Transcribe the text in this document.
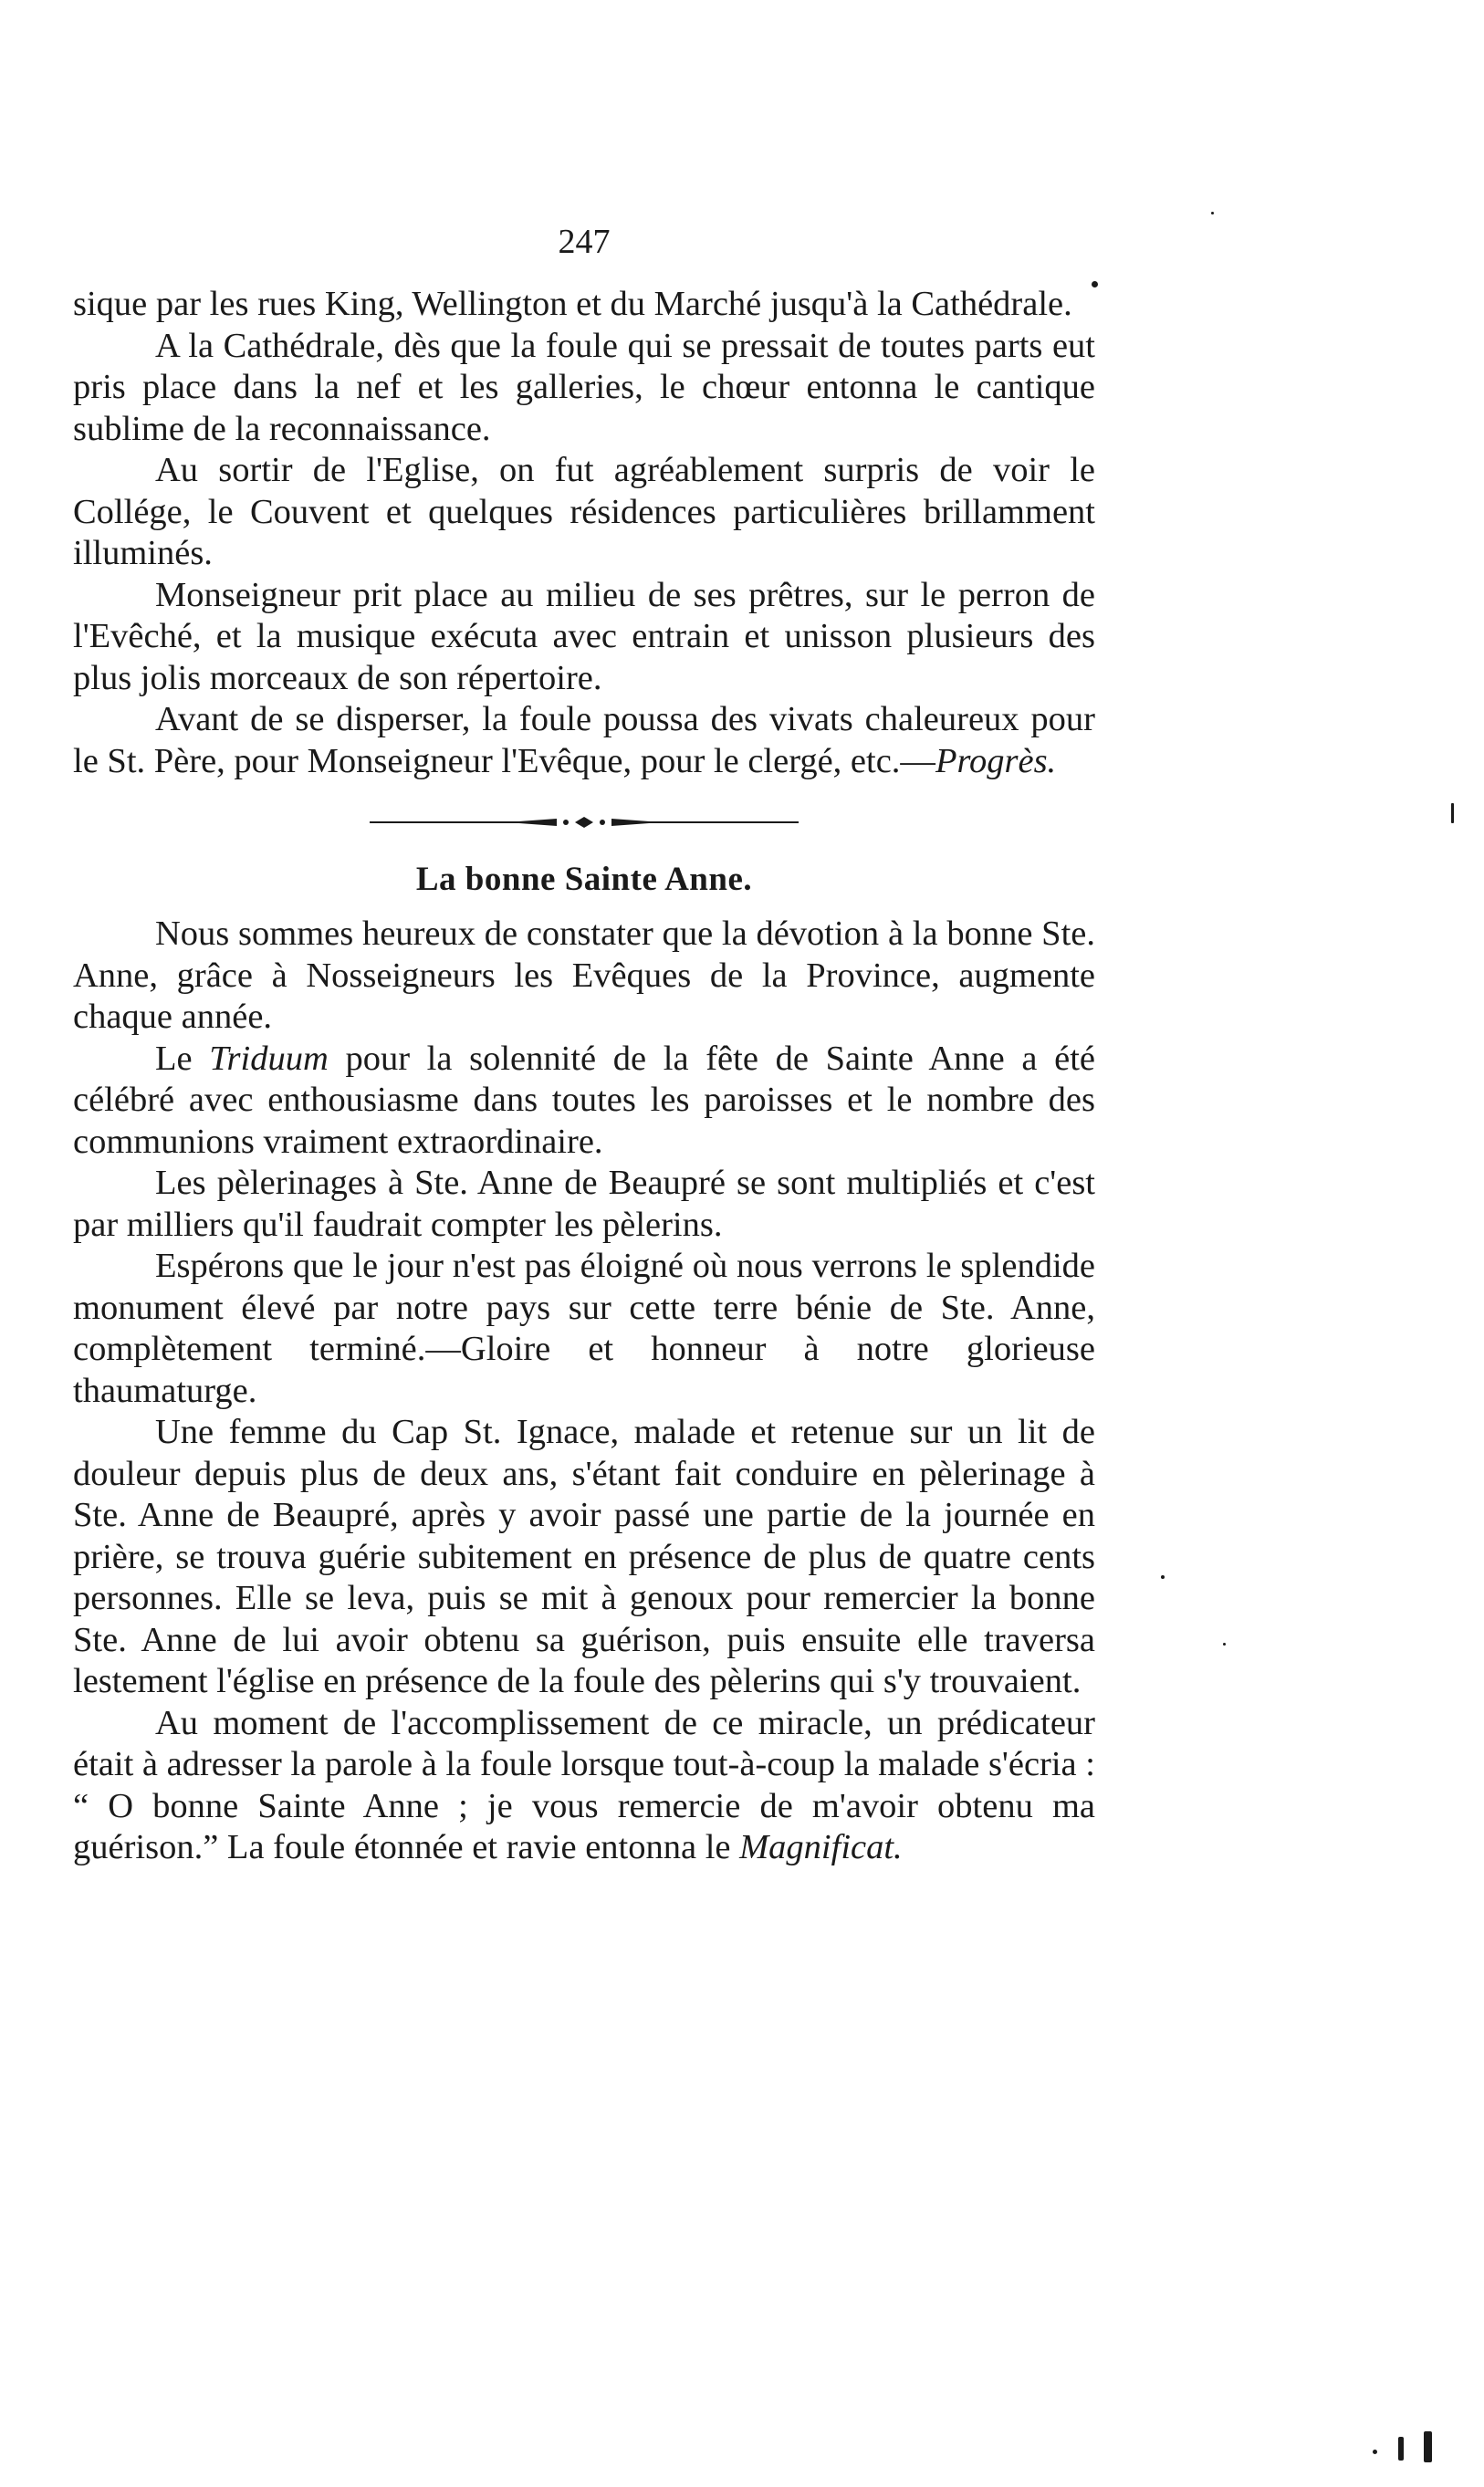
247

sique par les rues King, Wellington et du Marché jusqu'à la Cathédrale.

A la Cathédrale, dès que la foule qui se pressait de toutes parts eut pris place dans la nef et les galleries, le chœur entonna le cantique sublime de la reconnaissance.

Au sortir de l'Eglise, on fut agréablement surpris de voir le Collége, le Couvent et quelques résidences particulières brillamment illuminés.

Monseigneur prit place au milieu de ses prêtres, sur le perron de l'Evêché, et la musique exécuta avec entrain et unisson plusieurs des plus jolis morceaux de son répertoire.

Avant de se disperser, la foule poussa des vivats chaleureux pour le St. Père, pour Monseigneur l'Evêque, pour le clergé, etc.—Progrès.

La bonne Sainte Anne.

Nous sommes heureux de constater que la dévotion à la bonne Ste. Anne, grâce à Nosseigneurs les Evêques de la Province, augmente chaque année.

Le Triduum pour la solennité de la fête de Sainte Anne a été célébré avec enthousiasme dans toutes les paroisses et le nombre des communions vraiment extraordinaire.

Les pèlerinages à Ste. Anne de Beaupré se sont multipliés et c'est par milliers qu'il faudrait compter les pèlerins.

Espérons que le jour n'est pas éloigné où nous verrons le splendide monument élevé par notre pays sur cette terre bénie de Ste. Anne, complètement terminé.—Gloire et honneur à notre glorieuse thaumaturge.

Une femme du Cap St. Ignace, malade et retenue sur un lit de douleur depuis plus de deux ans, s'étant fait conduire en pèlerinage à Ste. Anne de Beaupré, après y avoir passé une partie de la journée en prière, se trouva guérie subitement en présence de plus de quatre cents personnes. Elle se leva, puis se mit à genoux pour remercier la bonne Ste. Anne de lui avoir obtenu sa guérison, puis ensuite elle traversa lestement l'église en présence de la foule des pèlerins qui s'y trouvaient.

Au moment de l'accomplissement de ce miracle, un prédicateur était à adresser la parole à la foule lorsque tout-à-coup la malade s'écria : “ O bonne Sainte Anne ; je vous remercie de m'avoir obtenu ma guérison.” La foule étonnée et ravie entonna le Magnificat.
